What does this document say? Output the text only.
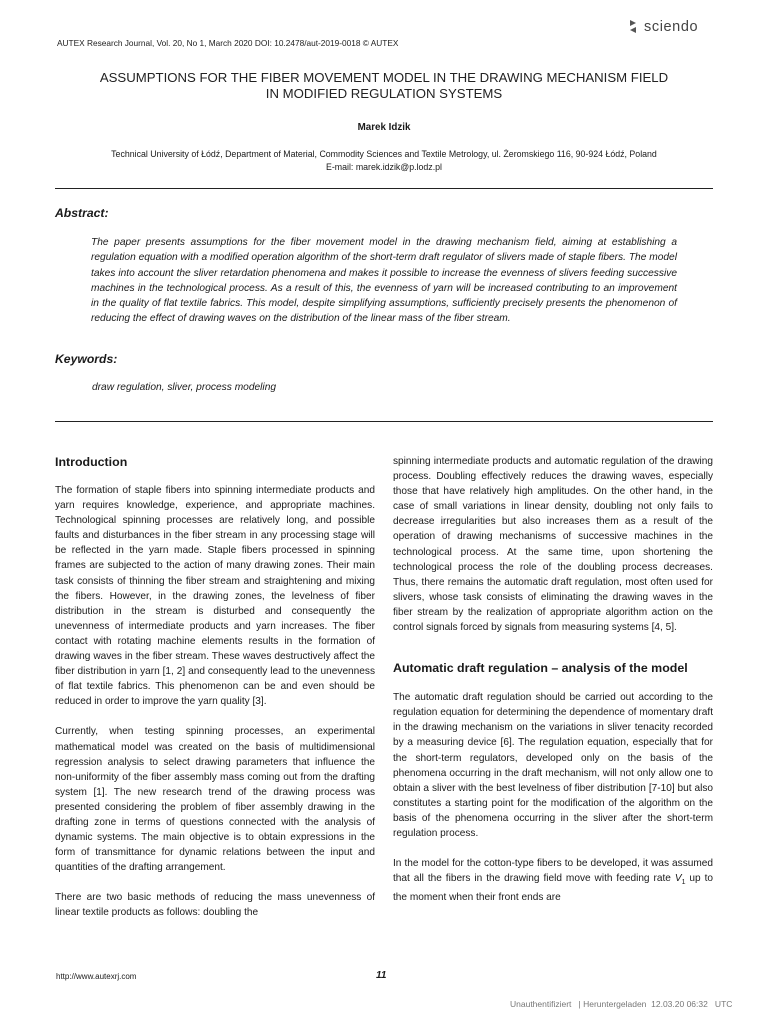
AUTEX Research Journal, Vol. 20, No 1, March 2020 DOI: 10.2478/aut-2019-0018 © AUTEX
sciendo
ASSUMPTIONS FOR THE FIBER MOVEMENT MODEL IN THE DRAWING MECHANISM FIELD
IN MODIFIED REGULATION SYSTEMS
Marek Idzik
Technical University of Łódź, Department of Material, Commodity Sciences and Textile Metrology, ul. Żeromskiego 116, 90-924 Łódź, Poland
E-mail: marek.idzik@p.lodz.pl
Abstract:
The paper presents assumptions for the fiber movement model in the drawing mechanism field, aiming at establishing a regulation equation with a modified operation algorithm of the short-term draft regulator of slivers made of staple fibers. The model takes into account the sliver retardation phenomena and makes it possible to increase the evenness of slivers feeding successive machines in the technological process. As a result of this, the evenness of yarn will be increased contributing to an improvement in the quality of flat textile fabrics. This model, despite simplifying assumptions, sufficiently precisely presents the phenomenon of reducing the effect of drawing waves on the distribution of the linear mass of the fiber stream.
Keywords:
draw regulation, sliver, process modeling
Introduction

The formation of staple fibers into spinning intermediate products and yarn requires knowledge, experience, and appropriate machines. Technological spinning processes are relatively long, and possible faults and disturbances in the fiber stream in any processing stage will be reflected in the yarn made. Staple fibers processed in spinning frames are subjected to the action of many drawing zones. Their main task consists of thinning the fiber stream and straightening and mixing the fibers. However, in the drawing zones, the levelness of fiber distribution in the stream is disturbed and consequently the unevenness of intermediate products and yarn increases. The fiber contact with rotating machine elements results in the formation of drawing waves in the fiber stream. These waves destructively affect the fiber distribution in yarn [1, 2] and consequently lead to the unevenness of flat textile fabrics. This phenomenon can be and even should be reduced in order to improve the yarn quality [3].

Currently, when testing spinning processes, an experimental mathematical model was created on the basis of multidimensional regression analysis to select drawing parameters that influence the non-uniformity of the fiber assembly mass coming out from the drafting system [1]. The new research trend of the drawing process was presented considering the problem of fiber assembly drawing in the drafting zone in terms of questions connected with the analysis of dynamic systems. The main objective is to obtain expressions in the form of transmittance for dynamic relations between the input and quantities of the drafting arrangement.

There are two basic methods of reducing the mass unevenness of linear textile products as follows: doubling the

spinning intermediate products and automatic regulation of the drawing process. Doubling effectively reduces the drawing waves, especially those that have relatively high amplitudes. On the other hand, in the case of small variations in linear density, doubling not only fails to decrease irregularities but also increases them as a result of the operation of drawing mechanisms of successive machines in the technological process. At the same time, upon shortening the technological process the role of the doubling process decreases. Thus, there remains the automatic draft regulation, most often used for slivers, whose task consists of eliminating the drawing waves in the fiber stream by the realization of appropriate algorithm action on the control signals forced by signals from measuring systems [4, 5].

Automatic draft regulation – analysis of the model

The automatic draft regulation should be carried out according to the regulation equation for determining the dependence of momentary draft in the drawing mechanism on the variations in sliver tenacity recorded by a measuring device [6]. The regulation equation, especially that for the short-term regulators, developed only on the basis of the phenomena occurring in the draft mechanism, will not only allow one to obtain a sliver with the best levelness of fiber distribution [7-10] but also constitutes a starting point for the modification of the algorithm on the basis of the phenomena occurring in the sliver after the short-term regulation process.

In the model for the cotton-type fibers to be developed, it was assumed that all the fibers in the drawing field move with feeding rate $V_1$ up to the moment when their front ends are

http://www.autexrj.com	11
Unauthentifiziert   | Heruntergeladen  12.03.20 06:32   UTC
